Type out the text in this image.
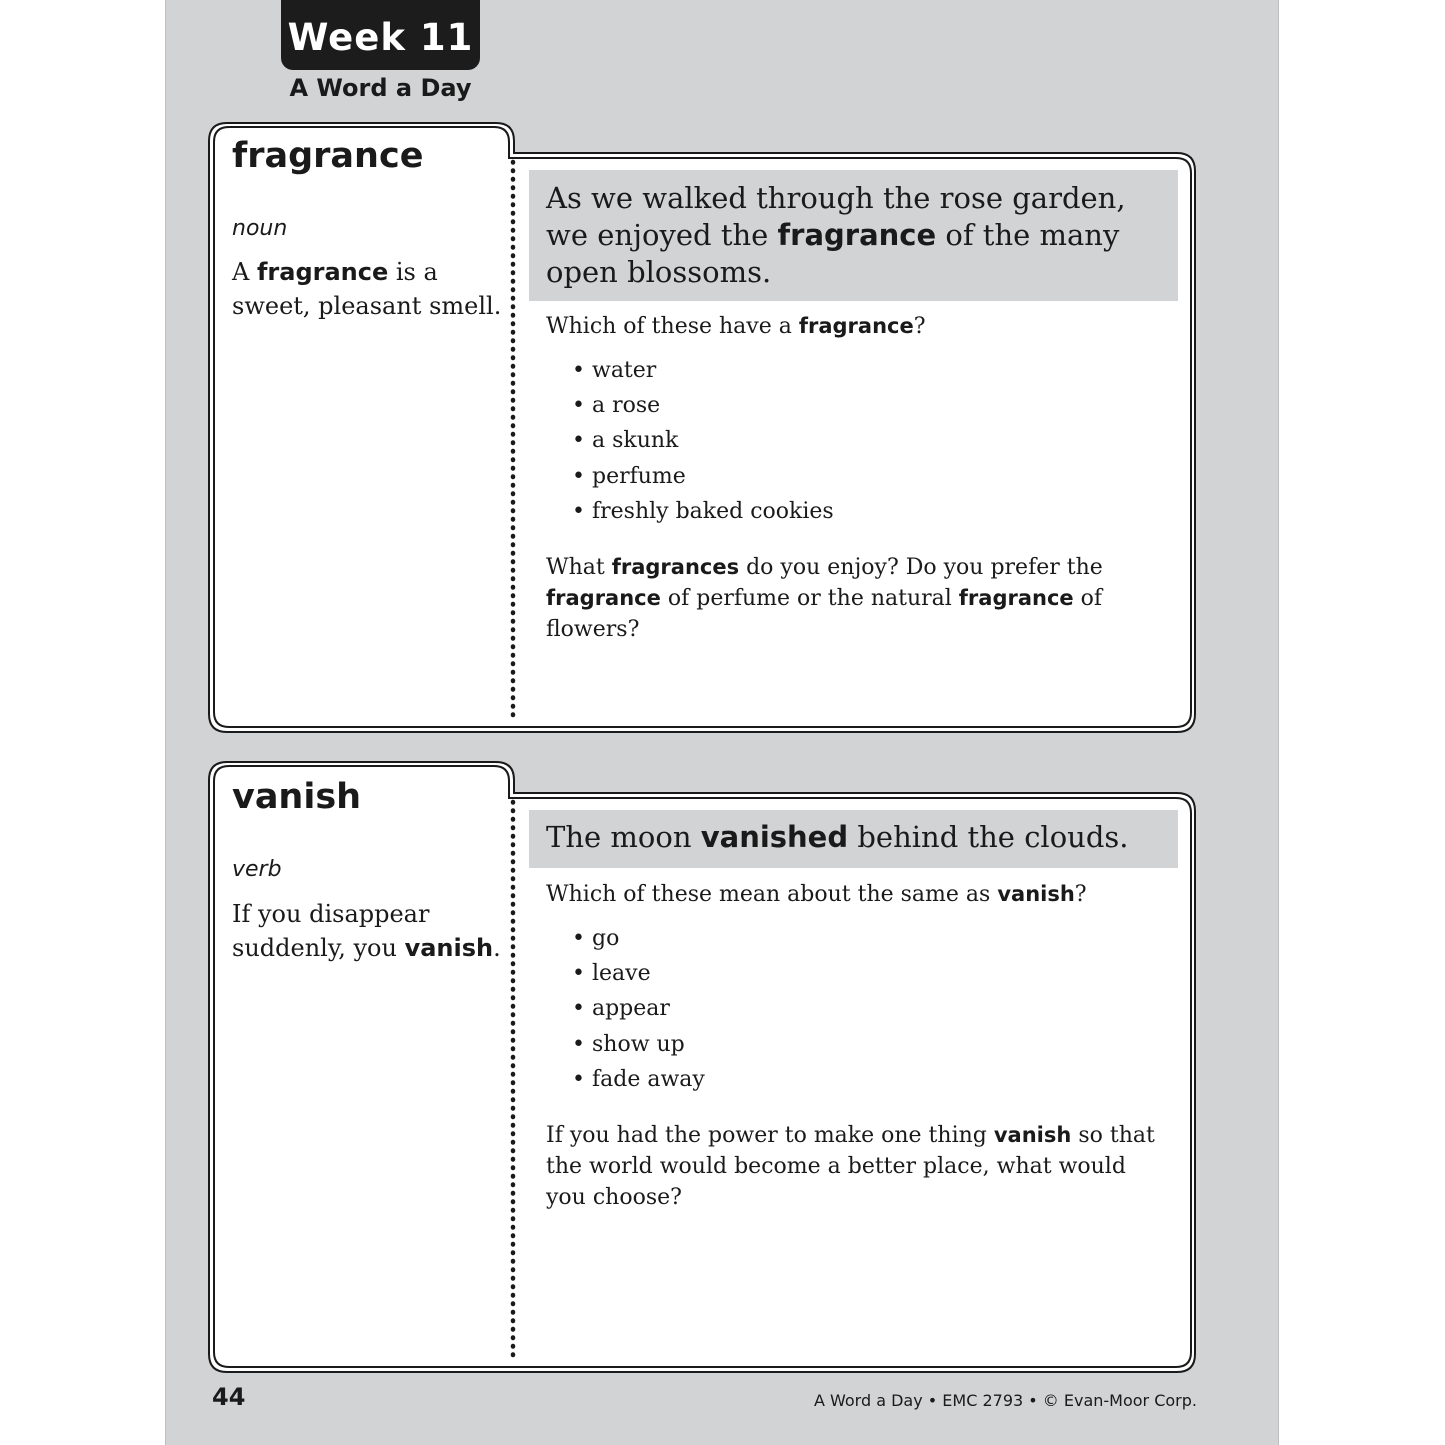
Week 11
A Word a Day
fragrance
noun
A fragrance is a sweet, pleasant smell.
As we walked through the rose garden, we enjoyed the fragrance of the many open blossoms.
Which of these have a fragrance?
• water
• a rose
• a skunk
• perfume
• freshly baked cookies
What fragrances do you enjoy? Do you prefer the fragrance of perfume or the natural fragrance of flowers?
vanish
verb
If you disappear suddenly, you vanish.
The moon vanished behind the clouds.
Which of these mean about the same as vanish?
• go
• leave
• appear
• show up
• fade away
If you had the power to make one thing vanish so that the world would become a better place, what would you choose?
44	A Word a Day • EMC 2793 • © Evan-Moor Corp.
